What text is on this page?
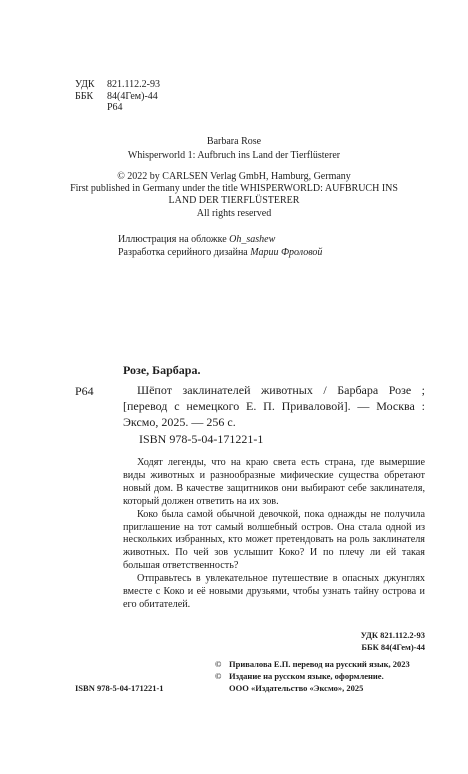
УДК 821.112.2-93
ББК 84(4Гем)-44
Р64
Barbara Rose
Whisperworld 1: Aufbruch ins Land der Tierflüsterer
© 2022 by CARLSEN Verlag GmbH, Hamburg, Germany
First published in Germany under the title WHISPERWORLD: AUFBRUCH INS
LAND DER TIERFLÜSTERER
All rights reserved
Иллюстрация на обложке Oh_sashew
Разработка серийного дизайна Марии Фроловой
Розе, Барбара.
Р64	Шёпот заклинателей животных / Барбара Розе ; [перевод с немецкого Е. П. Приваловой]. — Москва : Эксмо, 2025. — 256 с.
ISBN 978-5-04-171221-1

Ходят легенды, что на краю света есть страна, где вымершие виды животных и разнообразные мифические существа обретают новый дом. В качестве защитников они выбирают себе заклинателя, который должен ответить на их зов.

Коко была самой обычной девочкой, пока однажды не получила приглашение на тот самый волшебный остров. Она стала одной из нескольких избранных, кто может претендовать на роль заклинателя животных. По чей зов услышит Коко? И по плечу ли ей такая большая ответственность?

Отправьтесь в увлекательное путешествие в опасных джунглях вместе с Коко и её новыми друзьями, чтобы узнать тайну острова и его обитателей.

УДК 821.112.2-93
ББК 84(4Гем)-44
ISBN 978-5-04-171221-1
© Привалова Е.П. перевод на русский язык, 2023
© Издание на русском языке, оформление.
ООО «Издательство «Эксмо», 2025
